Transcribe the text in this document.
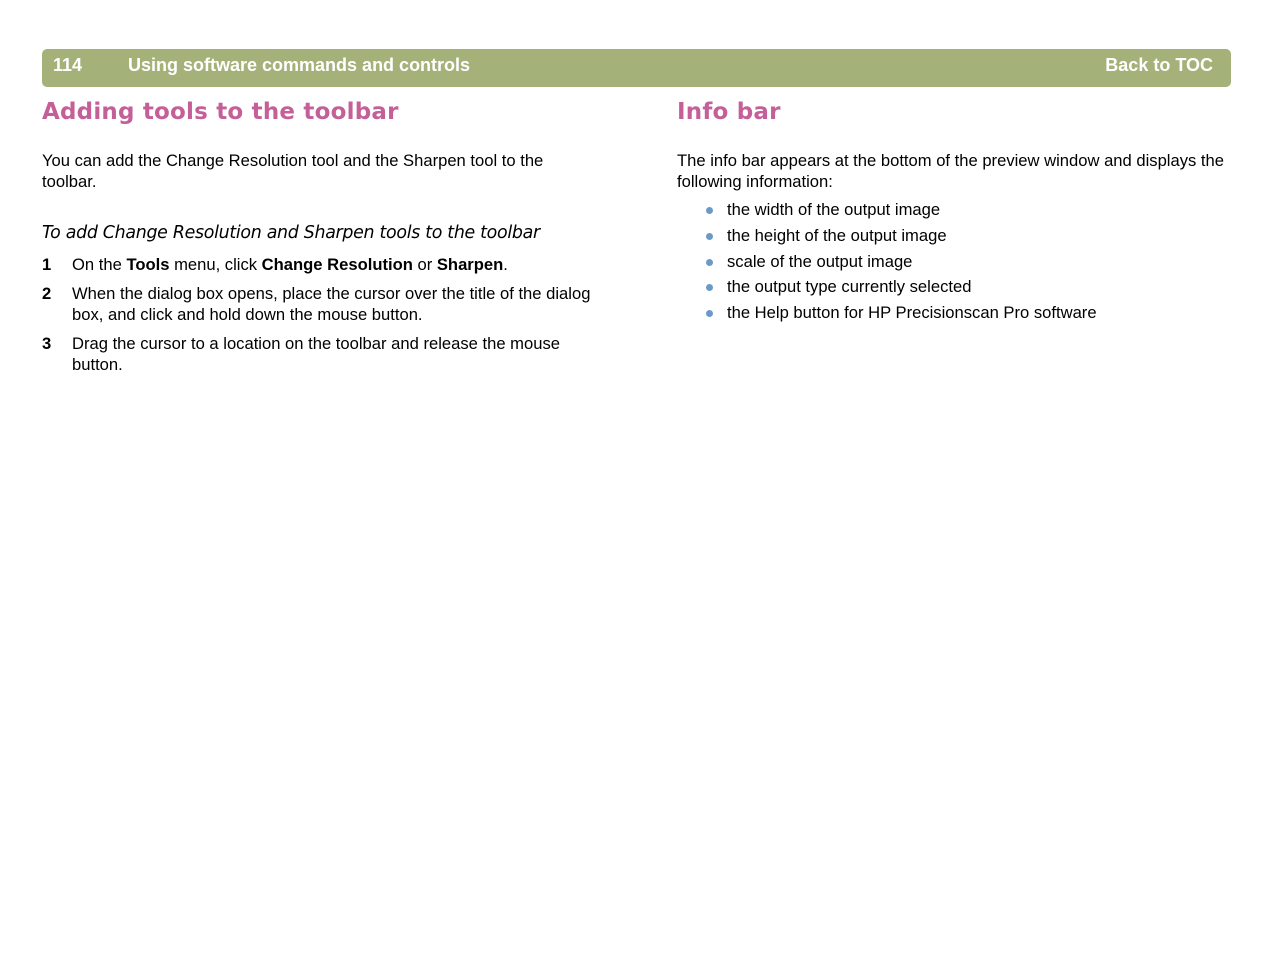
114	Using software commands and controls	Back to TOC
Adding tools to the toolbar	Info bar

You can add the Change Resolution tool and the Sharpen tool to the toolbar.

To add Change Resolution and Sharpen tools to the toolbar

1 On the Tools menu, click Change Resolution or Sharpen.
2 When the dialog box opens, place the cursor over the title of the dialog box, and click and hold down the mouse button.
3 Drag the cursor to a location on the toolbar and release the mouse button.

The info bar appears at the bottom of the preview window and displays the following information:

the width of the output image
the height of the output image
scale of the output image
the output type currently selected
the Help button for HP Precisionscan Pro software
